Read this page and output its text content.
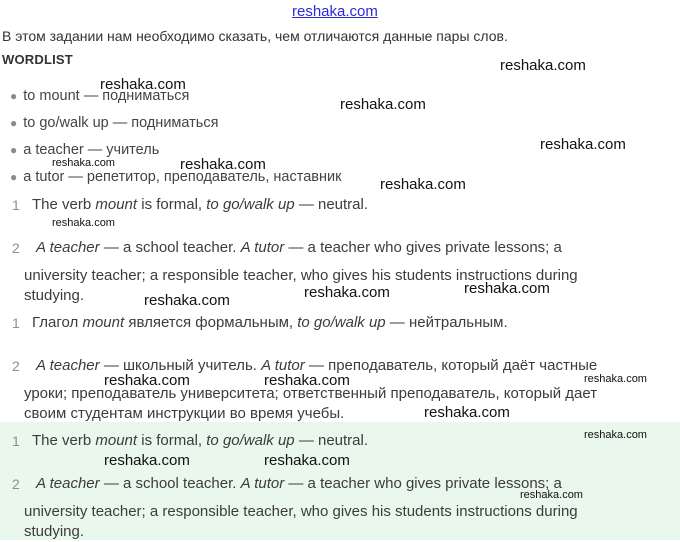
reshaka.com
В этом задании нам необходимо сказать, чем отличаются данные пары слов.
WORDLIST
● to mount — подниматься
● to go/walk up — подниматься
● a teacher — учитель
● a tutor — репетитор, преподаватель, наставник
1 The verb mount is formal, to go/walk up — neutral.
2 A teacher — a school teacher. A tutor — a teacher who gives private lessons; a
university teacher; a responsible teacher, who gives his students instructions during
studying.
1 Глагол mount является формальным, to go/walk up — нейтральным.
2 A teacher — школьный учитель. A tutor — преподаватель, который даёт частные
уроки; преподаватель университета; ответственный преподаватель, который дает
своим студентам инструкции во время учебы.
1 The verb mount is formal, to go/walk up — neutral.
2 A teacher — a school teacher. A tutor — a teacher who gives private lessons; a
university teacher; a responsible teacher, who gives his students instructions during
studying.
reshaka.com
reshaka.com
reshaka.com
reshaka.com
reshaka.com
reshaka.com
reshaka.com
reshaka.com
reshaka.com	reshaka.com	reshaka.com
reshaka.com	reshaka.com	reshaka.com
reshaka.com
reshaka.com
reshaka.com	reshaka.com
reshaka.com
